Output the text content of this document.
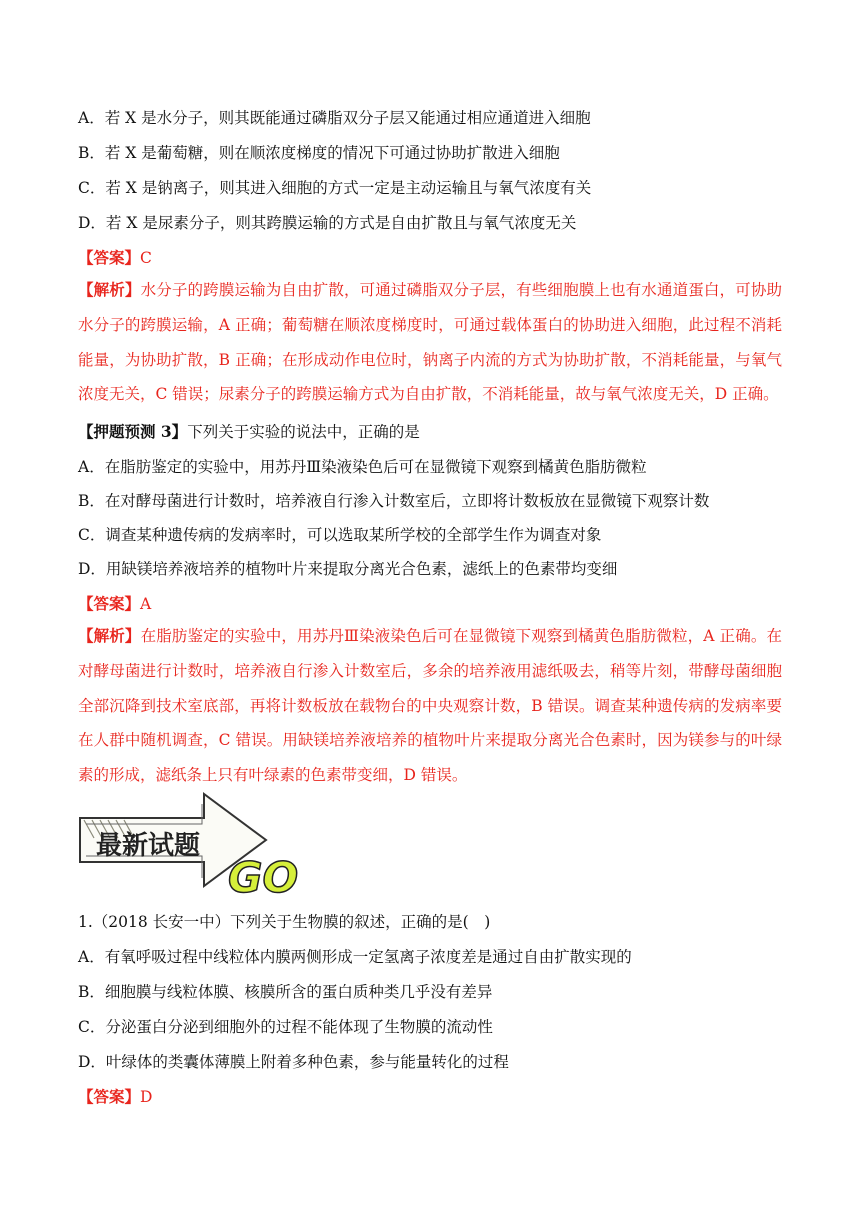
A．若 X 是水分子，则其既能通过磷脂双分子层又能通过相应通道进入细胞
B．若 X 是葡萄糖，则在顺浓度梯度的情况下可通过协助扩散进入细胞
C．若 X 是钠离子，则其进入细胞的方式一定是主动运输且与氧气浓度有关
D．若 X 是尿素分子，则其跨膜运输的方式是自由扩散且与氧气浓度无关
【答案】C
【解析】水分子的跨膜运输为自由扩散，可通过磷脂双分子层，有些细胞膜上也有水通道蛋白，可协助水分子的跨膜运输，A 正确；葡萄糖在顺浓度梯度时，可通过载体蛋白的协助进入细胞，此过程不消耗能量，为协助扩散，B 正确；在形成动作电位时，钠离子内流的方式为协助扩散，不消耗能量，与氧气浓度无关，C 错误；尿素分子的跨膜运输方式为自由扩散，不消耗能量，故与氧气浓度无关，D 正确。
【押题预测 3】下列关于实验的说法中，正确的是
A．在脂肪鉴定的实验中，用苏丹Ⅲ染液染色后可在显微镜下观察到橘黄色脂肪微粒
B．在对酵母菌进行计数时，培养液自行渗入计数室后，立即将计数板放在显微镜下观察计数
C．调查某种遗传病的发病率时，可以选取某所学校的全部学生作为调查对象
D．用缺镁培养液培养的植物叶片来提取分离光合色素，滤纸上的色素带均变细
【答案】A
【解析】在脂肪鉴定的实验中，用苏丹Ⅲ染液染色后可在显微镜下观察到橘黄色脂肪微粒，A 正确。在对酵母菌进行计数时，培养液自行渗入计数室后，多余的培养液用滤纸吸去，稍等片刻，带酵母菌细胞全部沉降到技术室底部，再将计数板放在载物台的中央观察计数，B 错误。调查某种遗传病的发病率要在人群中随机调查，C 错误。用缺镁培养液培养的植物叶片来提取分离光合色素时，因为镁参与的叶绿素的形成，滤纸条上只有叶绿素的色素带变细，D 错误。
最新试题
GO
1.（2018 长安一中）下列关于生物膜的叙述，正确的是(　)
A．有氧呼吸过程中线粒体内膜两侧形成一定氢离子浓度差是通过自由扩散实现的
B．细胞膜与线粒体膜、核膜所含的蛋白质种类几乎没有差异
C．分泌蛋白分泌到细胞外的过程不能体现了生物膜的流动性
D．叶绿体的类囊体薄膜上附着多种色素，参与能量转化的过程
【答案】D
